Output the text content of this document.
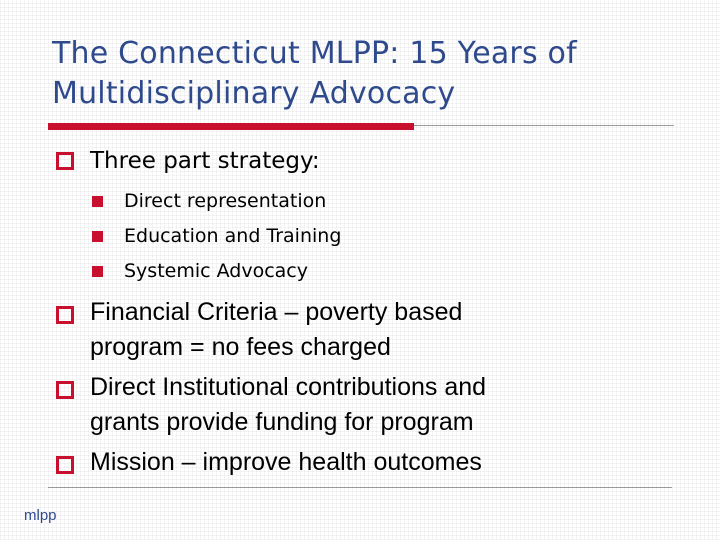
The Connecticut MLPP: 15 Years of
Multidisciplinary Advocacy
Three part strategy:
Direct representation
Education and Training
Systemic Advocacy
Financial Criteria – poverty based
program = no fees charged
Direct Institutional contributions and
grants provide funding for program
Mission – improve health outcomes
mlpp
